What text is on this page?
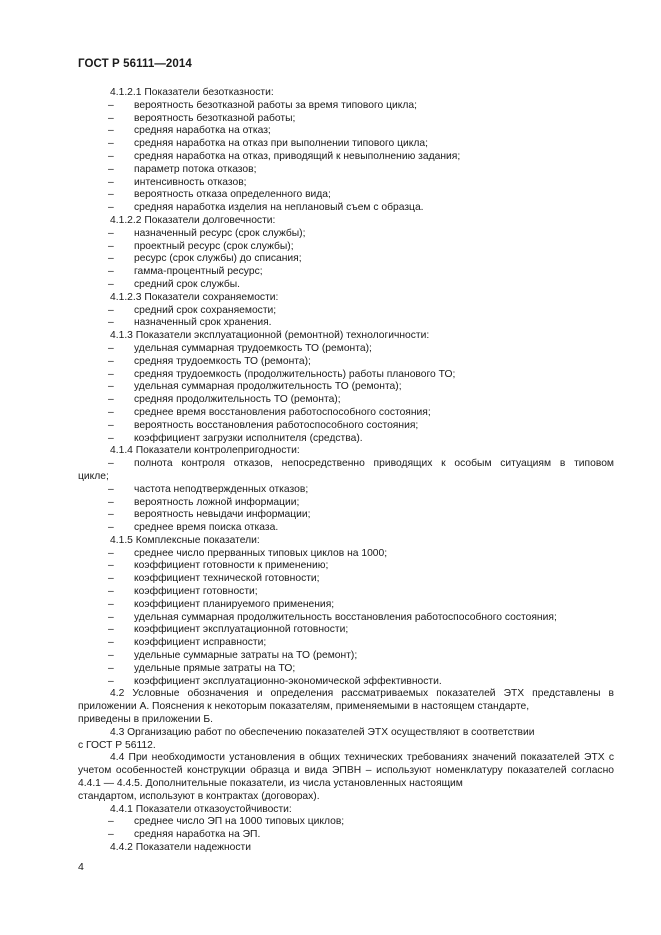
ГОСТ Р 56111—2014
4.1.2.1 Показатели безотказности:
– вероятность безотказной работы за время типового цикла;
– вероятность безотказной работы;
– средняя наработка на отказ;
– средняя наработка на отказ при выполнении типового цикла;
– средняя наработка на отказ, приводящий к невыполнению задания;
– параметр потока отказов;
– интенсивность отказов;
– вероятность отказа определенного вида;
– средняя наработка изделия на неплановый съем с образца.
4.1.2.2 Показатели долговечности:
– назначенный ресурс (срок службы);
– проектный ресурс (срок службы);
– ресурс (срок службы) до списания;
– гамма-процентный ресурс;
– средний срок службы.
4.1.2.3 Показатели сохраняемости:
– средний срок сохраняемости;
– назначенный срок хранения.
4.1.3 Показатели эксплуатационной (ремонтной) технологичности:
– удельная суммарная трудоемкость ТО (ремонта);
– средняя трудоемкость ТО (ремонта);
– средняя трудоемкость (продолжительность) работы планового ТО;
– удельная суммарная продолжительность ТО (ремонта);
– средняя продолжительность ТО (ремонта);
– среднее время восстановления работоспособного состояния;
– вероятность восстановления работоспособного состояния;
– коэффициент загрузки исполнителя (средства).
4.1.4 Показатели контролепригодности:
–	полнота контроля отказов, непосредственно приводящих к особым ситуациям в типовом
цикле;
– частота неподтвержденных отказов;
– вероятность ложной информации;
– вероятность невыдачи информации;
– среднее время поиска отказа.
4.1.5 Комплексные показатели:
– среднее число прерванных типовых циклов на 1000;
– коэффициент готовности к применению;
– коэффициент технической готовности;
– коэффициент готовности;
– коэффициент планируемого применения;
– удельная суммарная продолжительность восстановления работоспособного состояния;
– коэффициент эксплуатационной готовности;
– коэффициент исправности;
– удельные суммарные затраты на ТО (ремонт);
– удельные прямые затраты на ТО;
– коэффициент эксплуатационно-экономической эффективности.
4.2 Условные обозначения и определения рассматриваемых показателей ЭТХ представлены в приложении А. Пояснения к некоторым показателям, применяемыми в настоящем стандарте,
приведены в приложении Б.
4.3 Организацию работ по обеспечению показателей ЭТХ осуществляют в соответствии
с ГОСТ Р 56112.
4.4 При необходимости установления в общих технических требованиях значений показателей ЭТХ с учетом особенностей конструкции образца и вида ЭПВН – используют номенклатуру показателей согласно 4.4.1 — 4.4.5. Дополнительные показатели, из числа установленных настоящим
стандартом, используют в контрактах (договорах).
4.4.1 Показатели отказоустойчивости:
– среднее число ЭП на 1000 типовых циклов;
– средняя наработка на ЭП.
4.4.2 Показатели надежности
4
